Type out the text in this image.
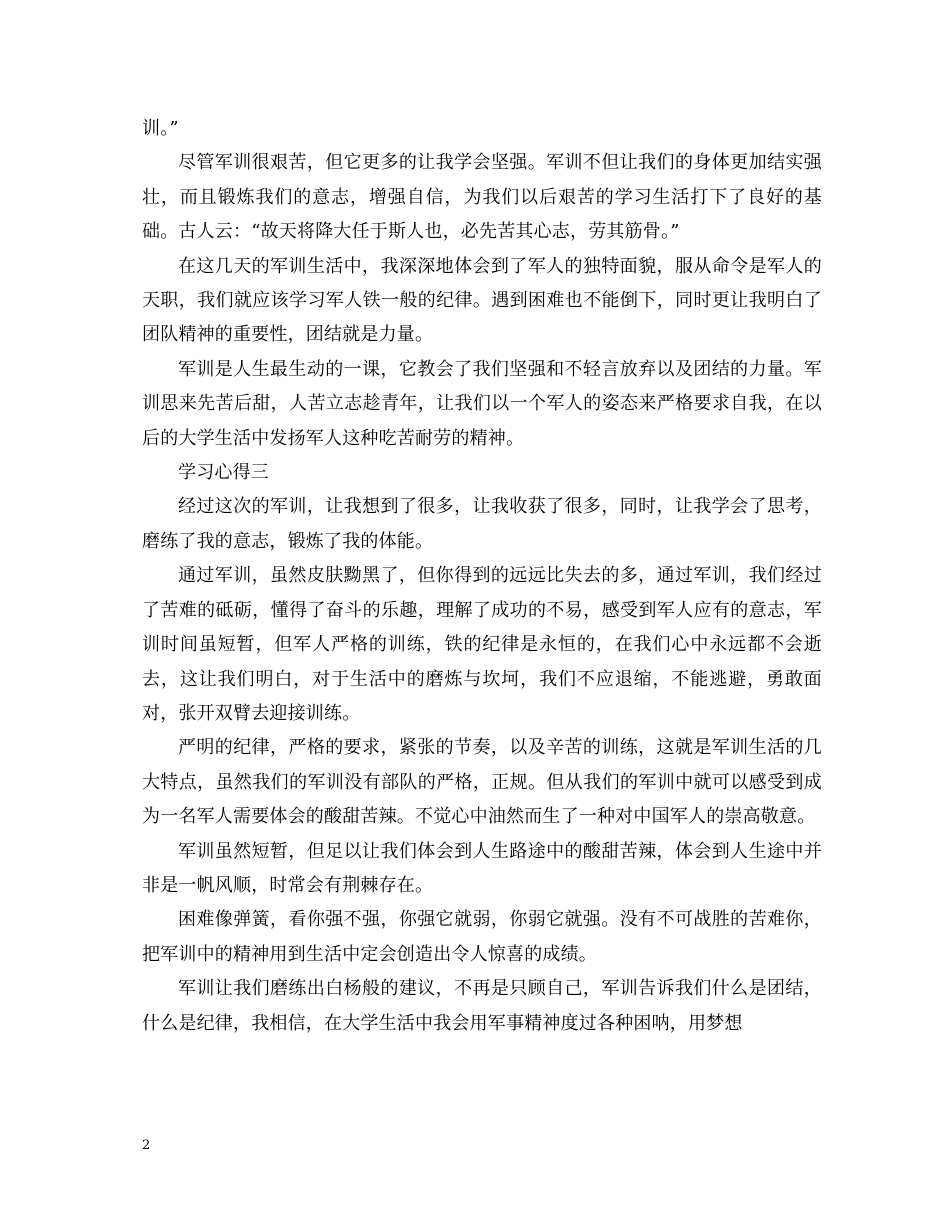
训。”

尽管军训很艰苦，但它更多的让我学会坚强。军训不但让我们的身体更加结实强壮，而且锻炼我们的意志，增强自信，为我们以后艰苦的学习生活打下了良好的基础。古人云：“故天将降大任于斯人也，必先苦其心志，劳其筋骨。”

在这几天的军训生活中，我深深地体会到了军人的独特面貌，服从命令是军人的天职，我们就应该学习军人铁一般的纪律。遇到困难也不能倒下，同时更让我明白了团队精神的重要性，团结就是力量。

军训是人生最生动的一课，它教会了我们坚强和不轻言放弃以及团结的力量。军训思来先苦后甜，人苦立志趁青年，让我们以一个军人的姿态来严格要求自我，在以后的大学生活中发扬军人这种吃苦耐劳的精神。

学习心得三

经过这次的军训，让我想到了很多，让我收获了很多，同时，让我学会了思考，磨练了我的意志，锻炼了我的体能。

通过军训，虽然皮肤黝黑了，但你得到的远远比失去的多，通过军训，我们经过了苦难的砥砺，懂得了奋斗的乐趣，理解了成功的不易，感受到军人应有的意志，军训时间虽短暂，但军人严格的训练，铁的纪律是永恒的，在我们心中永远都不会逝去，这让我们明白，对于生活中的磨炼与坎坷，我们不应退缩，不能逃避，勇敢面对，张开双臂去迎接训练。

严明的纪律，严格的要求，紧张的节奏，以及辛苦的训练，这就是军训生活的几大特点，虽然我们的军训没有部队的严格，正规。但从我们的军训中就可以感受到成为一名军人需要体会的酸甜苦辣。不觉心中油然而生了一种对中国军人的崇高敬意。

军训虽然短暂，但足以让我们体会到人生路途中的酸甜苦辣，体会到人生途中并非是一帆风顺，时常会有荆棘存在。

困难像弹簧，看你强不强，你强它就弱，你弱它就强。没有不可战胜的苦难你，把军训中的精神用到生活中定会创造出令人惊喜的成绩。

军训让我们磨练出白杨般的建议，不再是只顾自己，军训告诉我们什么是团结，什么是纪律，我相信，在大学生活中我会用军事精神度过各种困呐，用梦想

2
